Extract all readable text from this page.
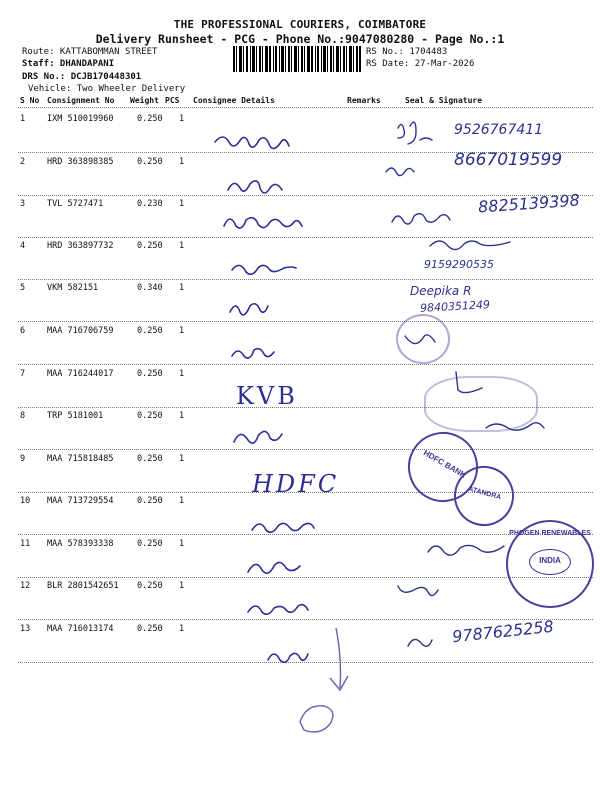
THE PROFESSIONAL COURIERS, COIMBATORE
Delivery Runsheet - PCG - Phone No.:9047080280 - Page No.:1
Route: KATTABOMMAN STREET
Staff: DHANDAPANI
DRS No.: DCJB170448301
Vehicle: Two Wheeler Delivery
RS No.: 1704483
RS Date: 27-Mar-2026
S No Consignment No Weight PCS Consignee Details	Remarks	Seal & Signature
1	IXM 510019960	0.250 1
2	HRD 363898385	0.250 1
3	TVL 5727471	0.230 1
4	HRD 363897732	0.250 1
5	VKM 582151	0.340 1
6	MAA 716706759	0.250 1
7	MAA 716244017	0.250 1
8	TRP 5181001	0.250 1
9	MAA 715818485	0.250 1
10 MAA 713729554	0.250 1
11 MAA 578393338	0.250 1
12 BLR 2801542651 0.250 1
13 MAA 716013174	0.250 1
KVB
HDFC
9526767411
8667019599
8825139398
9159290535
Deepika R
9840351249
9787625258
HDFC BANK
ATANDRA
PHOGEN RENEWABLES
INDIA
